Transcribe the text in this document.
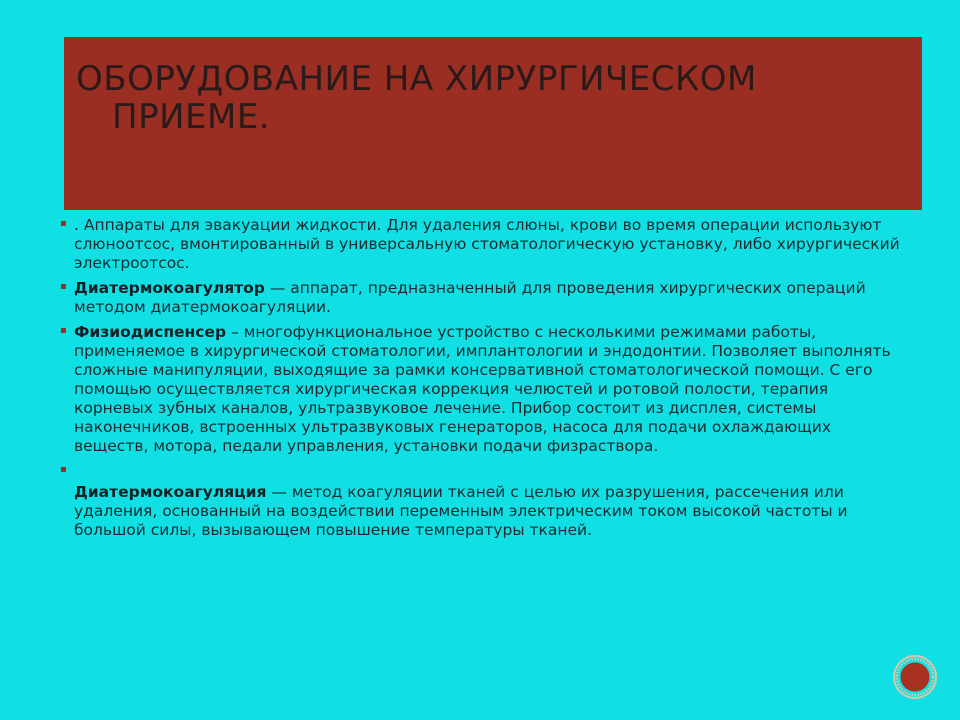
ОБОРУДОВАНИЕ НА ХИРУРГИЧЕСКОМ
ПРИЕМЕ.
▪ . Аппараты для эвакуации жидкости. Для удаления слюны, крови во время операции используют слюноотсос, вмонтированный в универсальную стоматологическую установку, либо хирургический электроотсос.
▪ Диатермокоагулятор — аппарат, предназначенный для проведения хирургических операций методом диатермокоагуляции.
▪ Физиодиспенсер – многофункциональное устройство с несколькими режимами работы, применяемое в хирургической стоматологии, имплантологии и эндодонтии. Позволяет выполнять сложные манипуляции, выходящие за рамки консервативной стоматологической помощи. С его помощью осуществляется хирургическая коррекция челюстей и ротовой полости, терапия корневых зубных каналов, ультразвуковое лечение. Прибор состоит из дисплея, системы наконечников, встроенных ультразвуковых генераторов, насоса для подачи охлаждающих веществ, мотора, педали управления, установки подачи физраствора.
▪
Диатермокоагуляция — метод коагуляции тканей с целью их разрушения, рассечения или удаления, основанный на воздействии переменным электрическим током высокой частоты и большой силы, вызывающем повышение температуры тканей.
